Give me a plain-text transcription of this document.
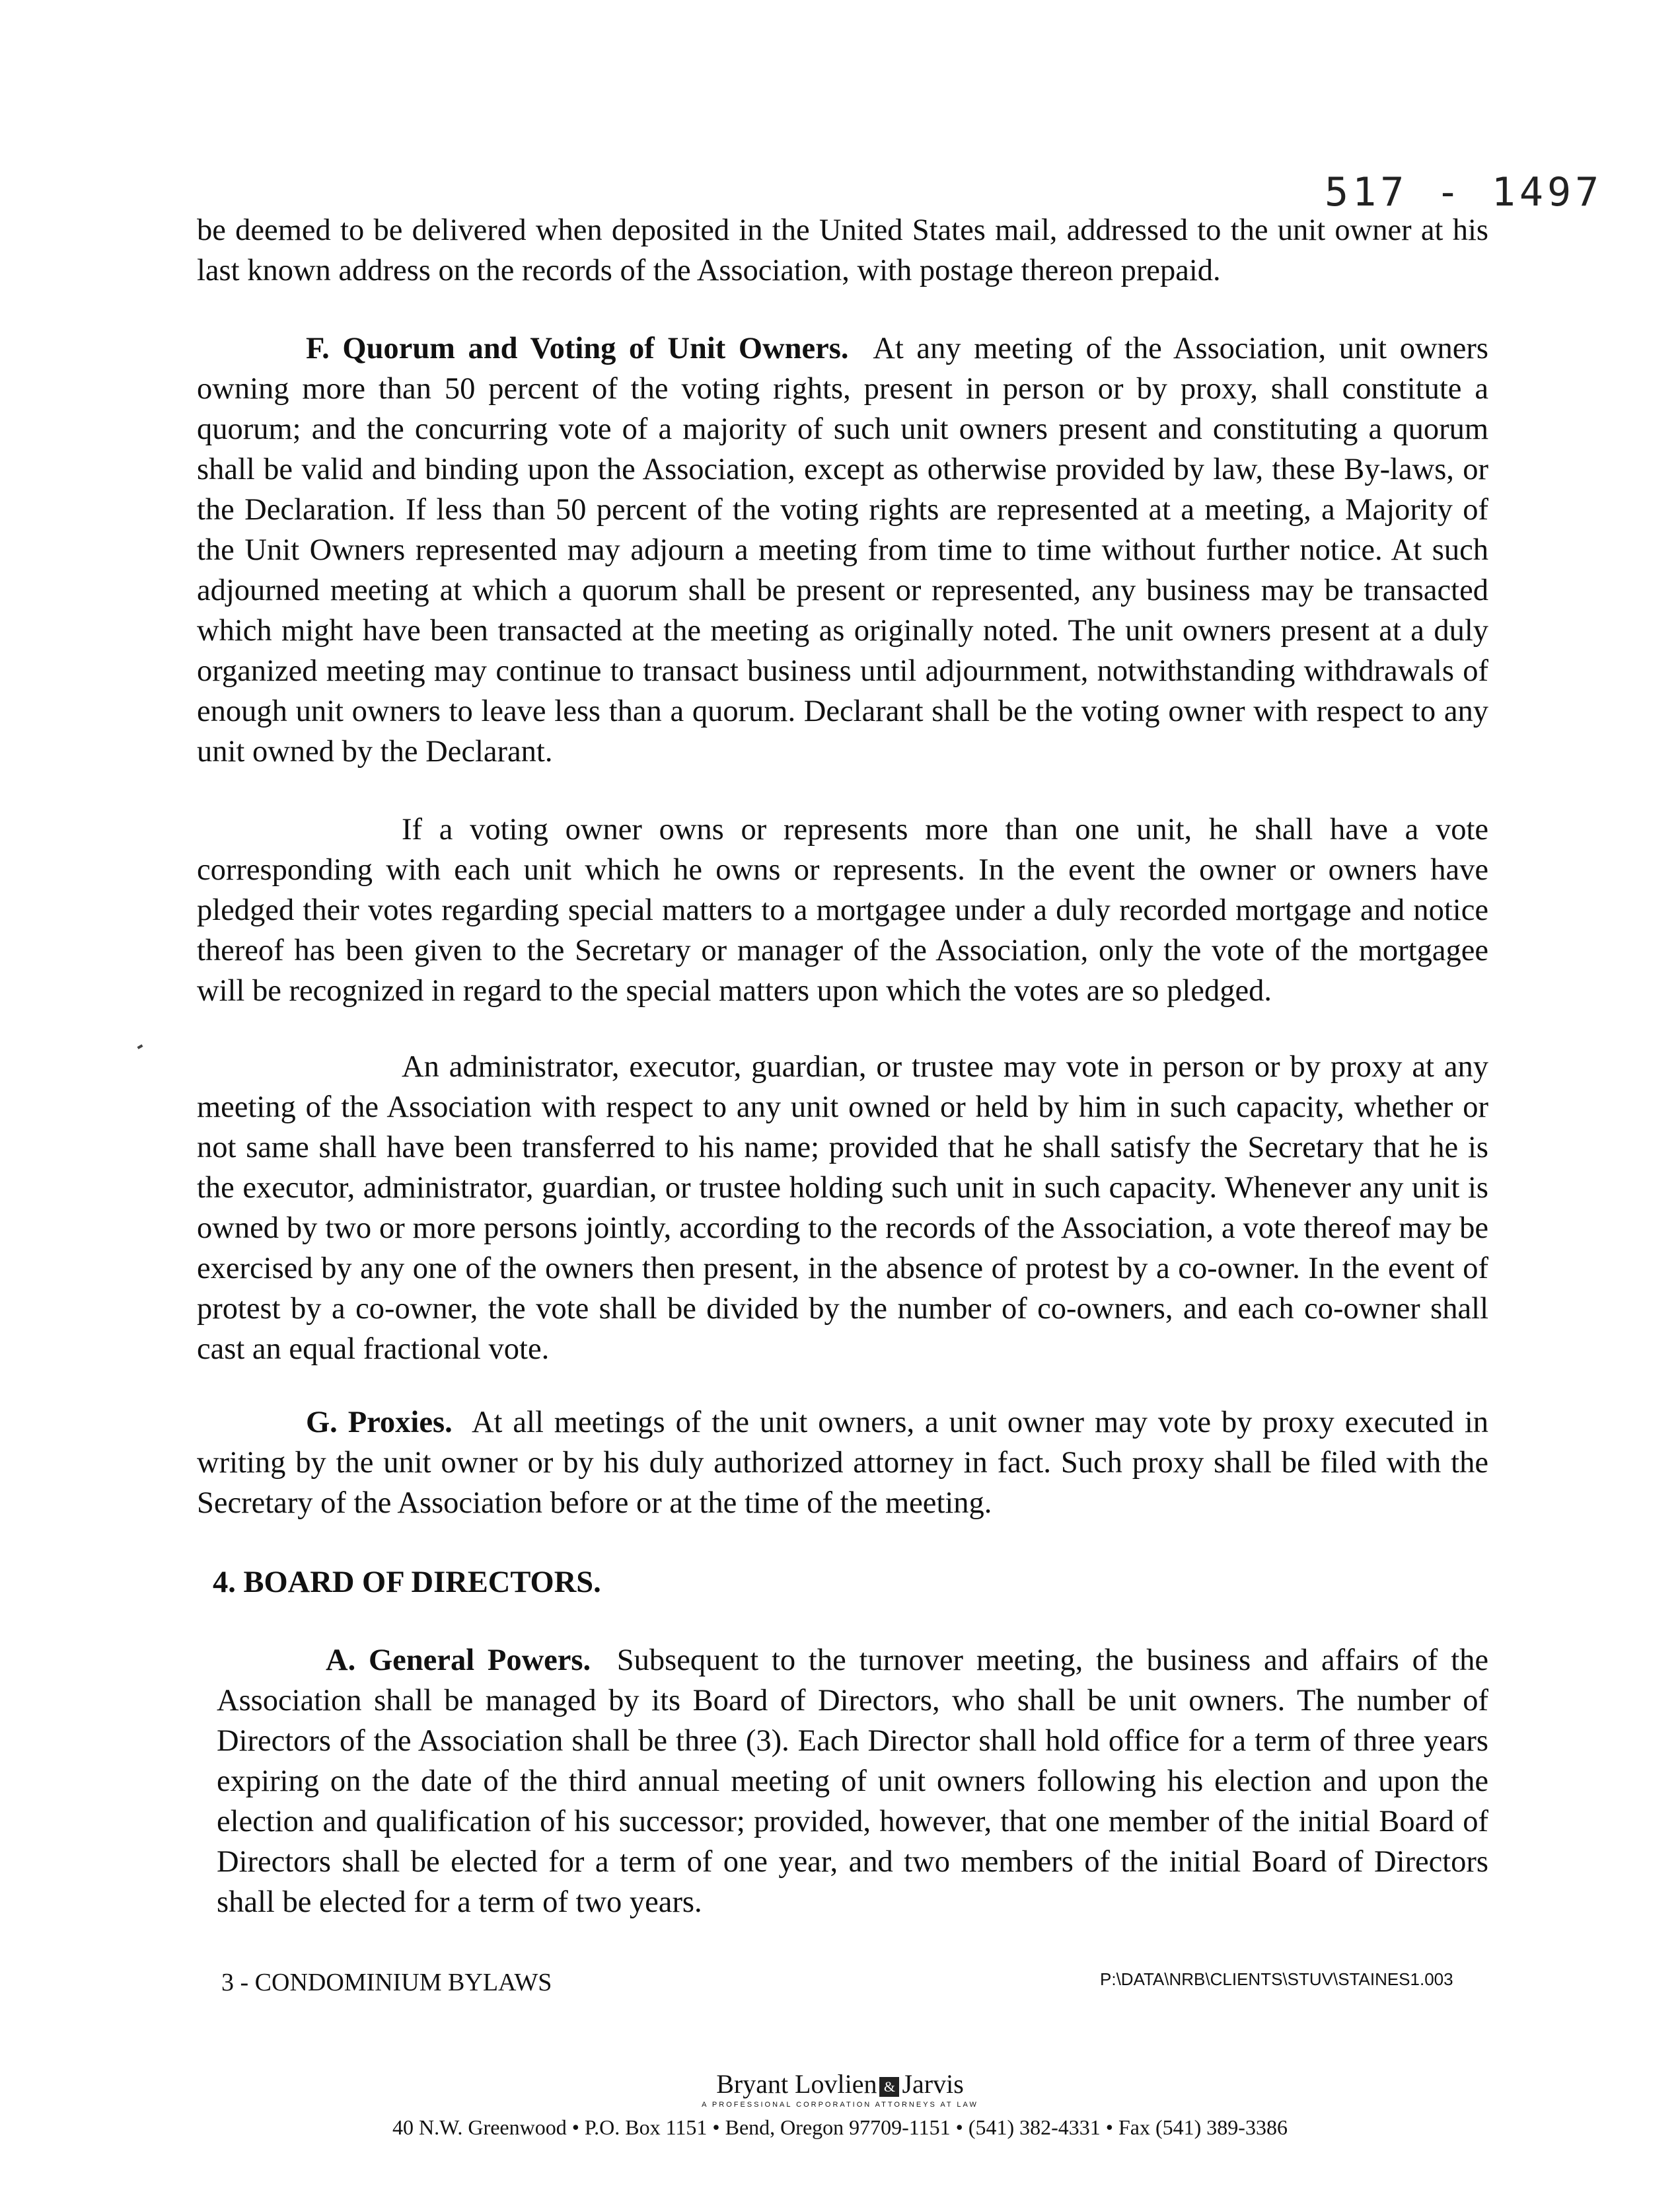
517 - 1497

be deemed to be delivered when deposited in the United States mail, addressed to the unit owner at his last known address on the records of the Association, with postage thereon prepaid.

F. Quorum and Voting of Unit Owners. At any meeting of the Association, unit owners owning more than 50 percent of the voting rights, present in person or by proxy, shall constitute a quorum; and the concurring vote of a majority of such unit owners present and constituting a quorum shall be valid and binding upon the Association, except as otherwise provided by law, these By-laws, or the Declaration. If less than 50 percent of the voting rights are represented at a meeting, a Majority of the Unit Owners represented may adjourn a meeting from time to time without further notice. At such adjourned meeting at which a quorum shall be present or represented, any business may be transacted which might have been transacted at the meeting as originally noted. The unit owners present at a duly organized meeting may continue to transact business until adjournment, notwithstanding withdrawals of enough unit owners to leave less than a quorum. Declarant shall be the voting owner with respect to any unit owned by the Declarant.

If a voting owner owns or represents more than one unit, he shall have a vote corresponding with each unit which he owns or represents. In the event the owner or owners have pledged their votes regarding special matters to a mortgagee under a duly recorded mortgage and notice thereof has been given to the Secretary or manager of the Association, only the vote of the mortgagee will be recognized in regard to the special matters upon which the votes are so pledged.

An administrator, executor, guardian, or trustee may vote in person or by proxy at any meeting of the Association with respect to any unit owned or held by him in such capacity, whether or not same shall have been transferred to his name; provided that he shall satisfy the Secretary that he is the executor, administrator, guardian, or trustee holding such unit in such capacity. Whenever any unit is owned by two or more persons jointly, according to the records of the Association, a vote thereof may be exercised by any one of the owners then present, in the absence of protest by a co-owner. In the event of protest by a co-owner, the vote shall be divided by the number of co-owners, and each co-owner shall cast an equal fractional vote.

G. Proxies. At all meetings of the unit owners, a unit owner may vote by proxy executed in writing by the unit owner or by his duly authorized attorney in fact. Such proxy shall be filed with the Secretary of the Association before or at the time of the meeting.

4. BOARD OF DIRECTORS.

A. General Powers. Subsequent to the turnover meeting, the business and affairs of the Association shall be managed by its Board of Directors, who shall be unit owners. The number of Directors of the Association shall be three (3). Each Director shall hold office for a term of three years expiring on the date of the third annual meeting of unit owners following his election and upon the election and qualification of his successor; provided, however, that one member of the initial Board of Directors shall be elected for a term of one year, and two members of the initial Board of Directors shall be elected for a term of two years.

3 - CONDOMINIUM BYLAWS	P:\DATA\NRB\CLIENTS\STUV\STAINES1.003
Bryant Lovlien & Jarvis
A PROFESSIONAL CORPORATION ATTORNEYS AT LAW
40 N.W. Greenwood • P.O. Box 1151 • Bend, Oregon 97709-1151 • (541) 382-4331 • Fax (541) 389-3386
